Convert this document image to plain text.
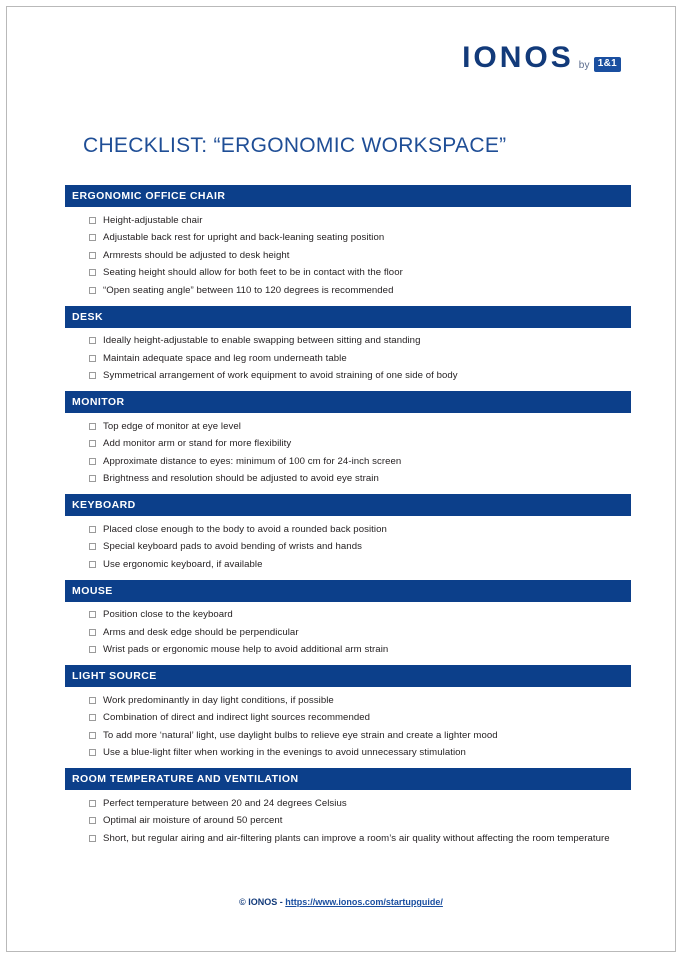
IONOS by 1&1
CHECKLIST: “ERGONOMIC WORKSPACE”
ERGONOMIC OFFICE CHAIR
Height-adjustable chair
Adjustable back rest for upright and back-leaning seating position
Armrests should be adjusted to desk height
Seating height should allow for both feet to be in contact with the floor
“Open seating angle” between 110 to 120 degrees is recommended
DESK
Ideally height-adjustable to enable swapping between sitting and standing
Maintain adequate space and leg room underneath table
Symmetrical arrangement of work equipment to avoid straining of one side of body
MONITOR
Top edge of monitor at eye level
Add monitor arm or stand for more flexibility
Approximate distance to eyes: minimum of 100 cm for 24-inch screen
Brightness and resolution should be adjusted to avoid eye strain
KEYBOARD
Placed close enough to the body to avoid a rounded back position
Special keyboard pads to avoid bending of wrists and hands
Use ergonomic keyboard, if available
MOUSE
Position close to the keyboard
Arms and desk edge should be perpendicular
Wrist pads or ergonomic mouse help to avoid additional arm strain
LIGHT SOURCE
Work predominantly in day light conditions, if possible
Combination of direct and indirect light sources recommended
To add more ‘natural’ light, use daylight bulbs to relieve eye strain and create a lighter mood
Use a blue-light filter when working in the evenings to avoid unnecessary stimulation
ROOM TEMPERATURE AND VENTILATION
Perfect temperature between 20 and 24 degrees Celsius
Optimal air moisture of around 50 percent
Short, but regular airing and air-filtering plants can improve a room’s air quality without affecting the room temperature
© IONOS - https://www.ionos.com/startupguide/
